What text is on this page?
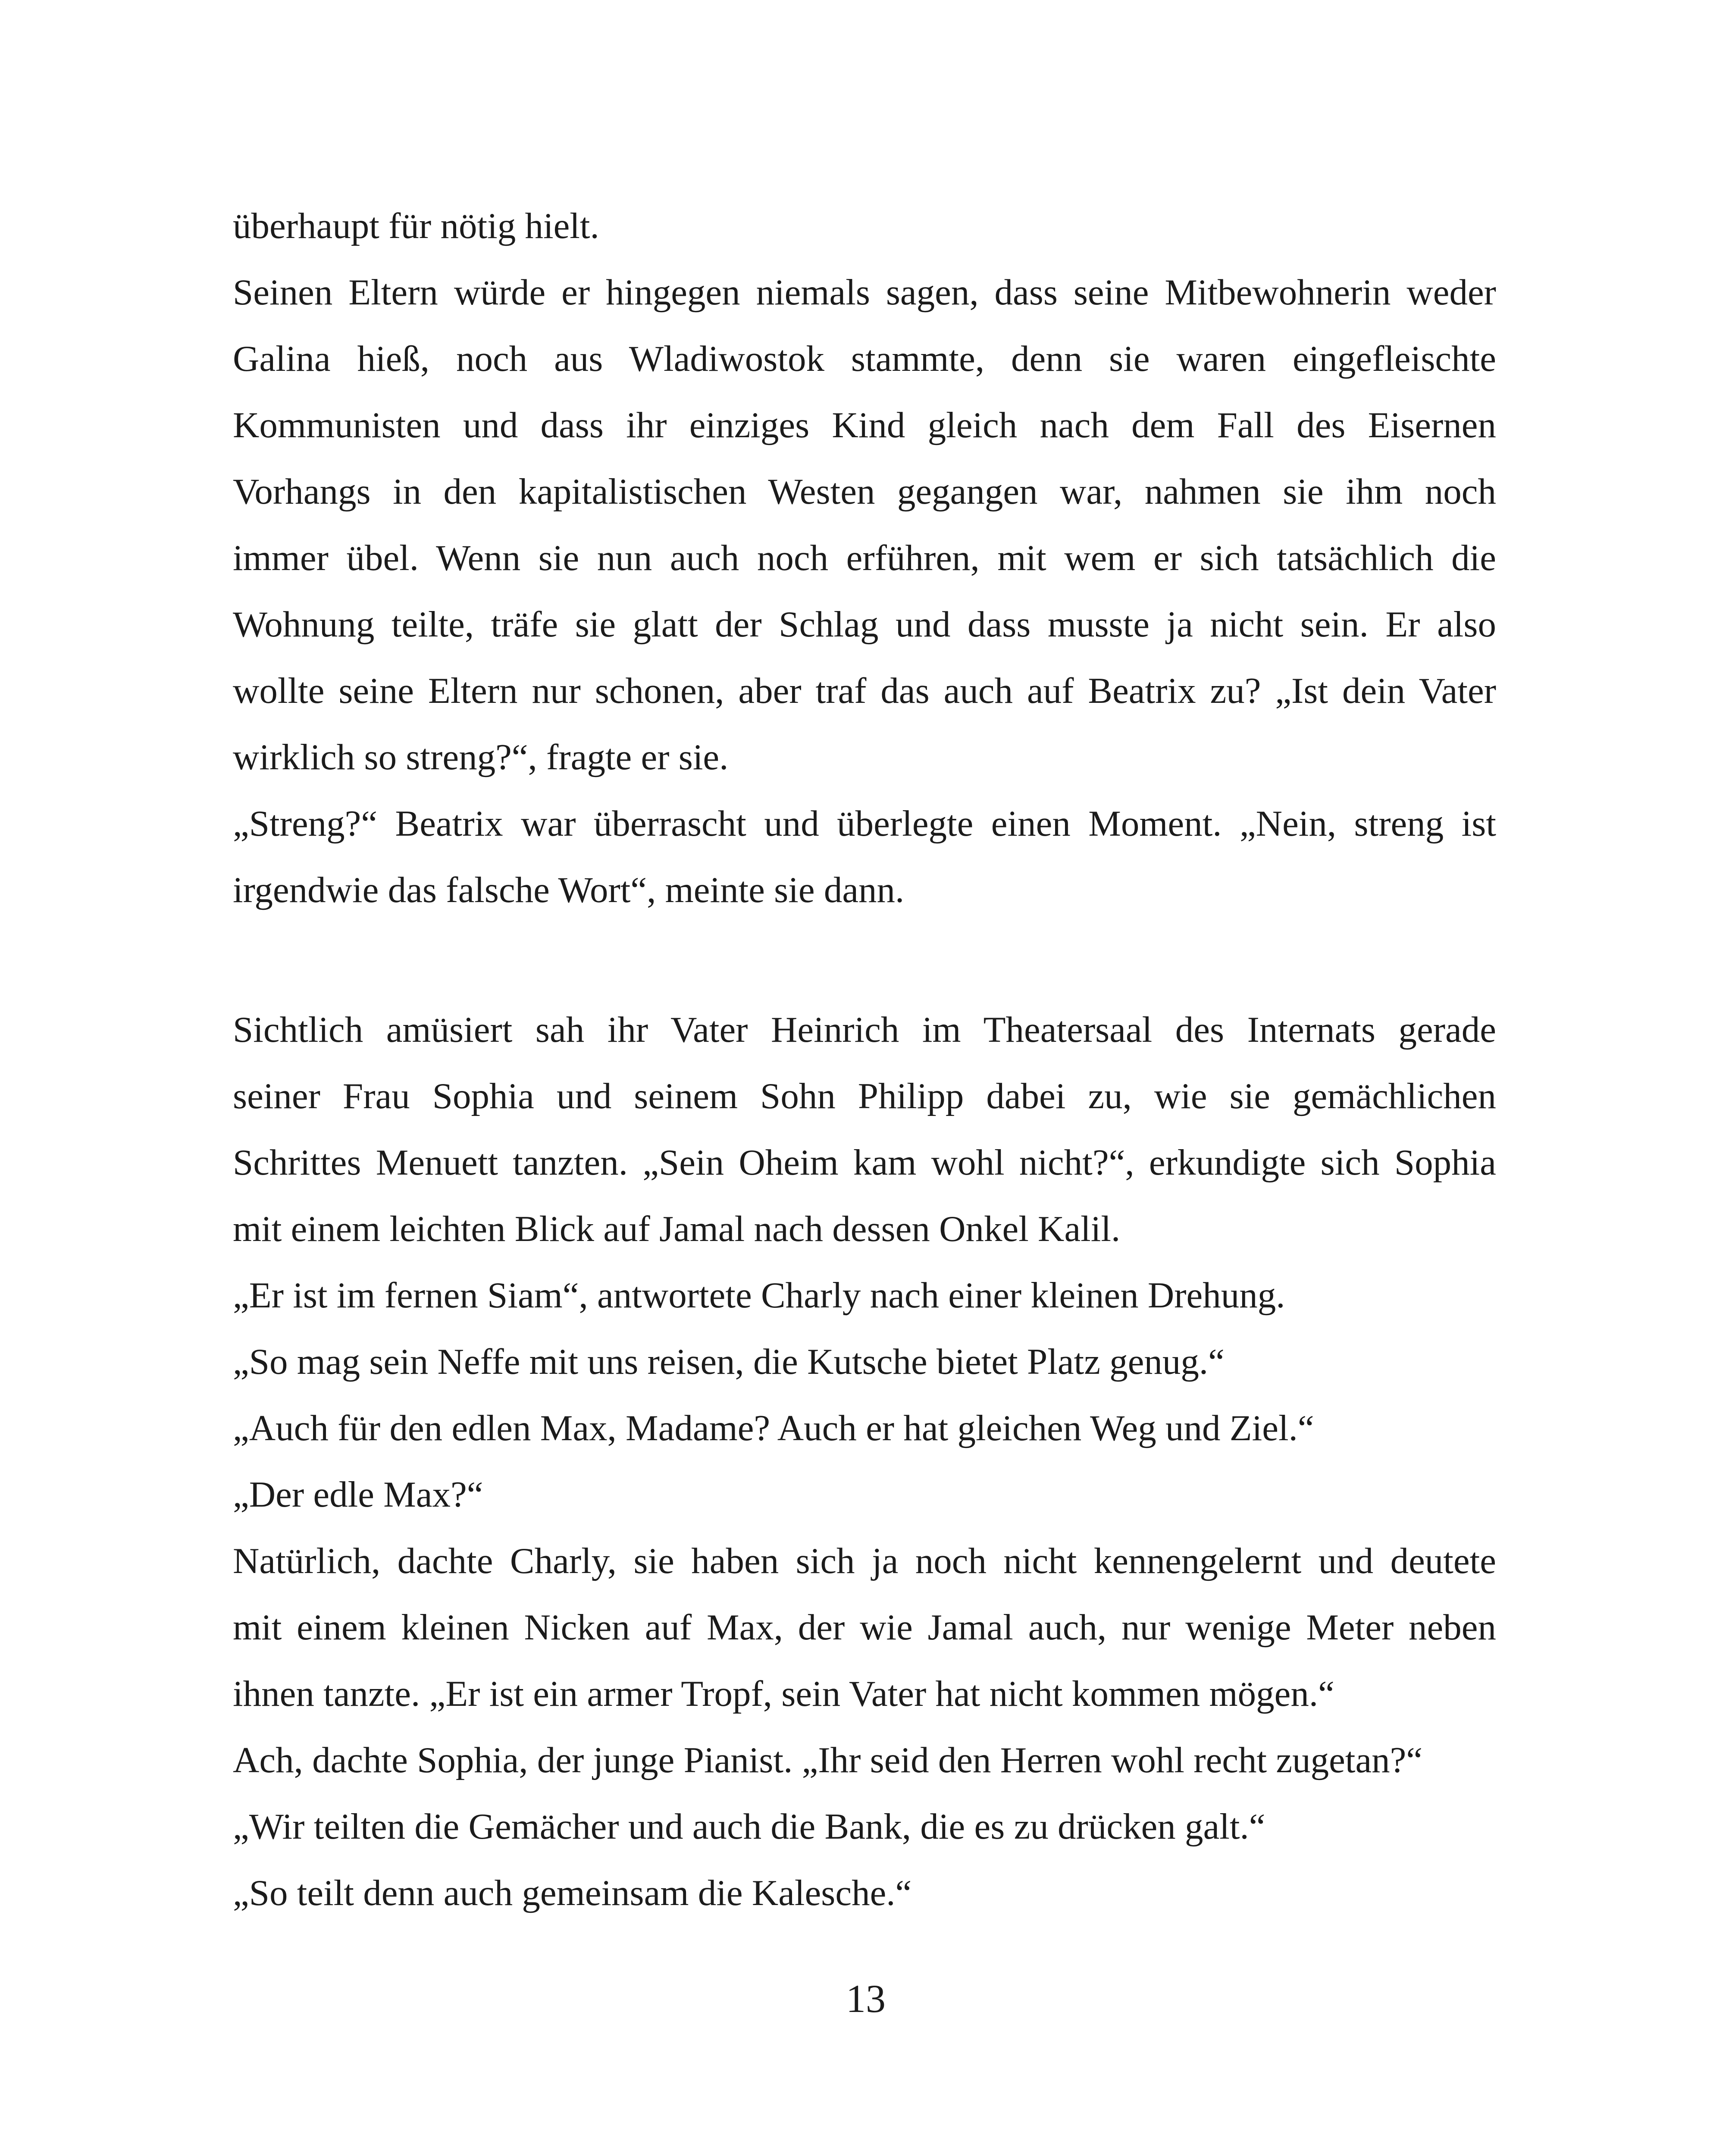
überhaupt für nötig hielt.
Seinen Eltern würde er hingegen niemals sagen, dass seine Mitbewohnerin weder
Galina hieß, noch aus Wladiwostok stammte, denn sie waren eingefleischte
Kommunisten und dass ihr einziges Kind gleich nach dem Fall des Eisernen
Vorhangs in den kapitalistischen Westen gegangen war, nahmen sie ihm noch
immer übel. Wenn sie nun auch noch erführen, mit wem er sich tatsächlich die
Wohnung teilte, träfe sie glatt der Schlag und dass musste ja nicht sein. Er also
wollte seine Eltern nur schonen, aber traf das auch auf Beatrix zu? „Ist dein Vater
wirklich so streng?“, fragte er sie.
„Streng?“ Beatrix war überrascht und überlegte einen Moment. „Nein, streng ist
irgendwie das falsche Wort“, meinte sie dann.
Sichtlich amüsiert sah ihr Vater Heinrich im Theatersaal des Internats gerade
seiner Frau Sophia und seinem Sohn Philipp dabei zu, wie sie gemächlichen
Schrittes Menuett tanzten. „Sein Oheim kam wohl nicht?“, erkundigte sich Sophia
mit einem leichten Blick auf Jamal nach dessen Onkel Kalil.
„Er ist im fernen Siam“, antwortete Charly nach einer kleinen Drehung.
„So mag sein Neffe mit uns reisen, die Kutsche bietet Platz genug.“
„Auch für den edlen Max, Madame? Auch er hat gleichen Weg und Ziel.“
„Der edle Max?“
Natürlich, dachte Charly, sie haben sich ja noch nicht kennengelernt und deutete
mit einem kleinen Nicken auf Max, der wie Jamal auch, nur wenige Meter neben
ihnen tanzte. „Er ist ein armer Tropf, sein Vater hat nicht kommen mögen.“
Ach, dachte Sophia, der junge Pianist. „Ihr seid den Herren wohl recht zugetan?“
„Wir teilten die Gemächer und auch die Bank, die es zu drücken galt.“
„So teilt denn auch gemeinsam die Kalesche.“
13
